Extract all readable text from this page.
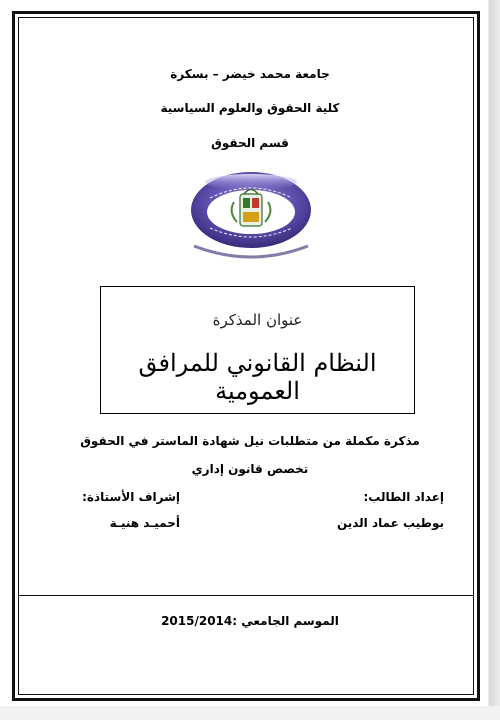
جامعة محمد خيضر – بسكرة
كلية الحقوق والعلوم السياسية
قسم الحقوق
عنوان المذكرة
النظام القانوني للمرافق العمومية
مذكرة مكملة من متطلبات نيل شهادة الماستر في الحقوق
تخصص قانون إداري
إعداد الطالب:
إشراف الأستاذة:
بوطيب عماد الدين
أحميـد هنيـة
الموسم الجامعي :2015/2014
